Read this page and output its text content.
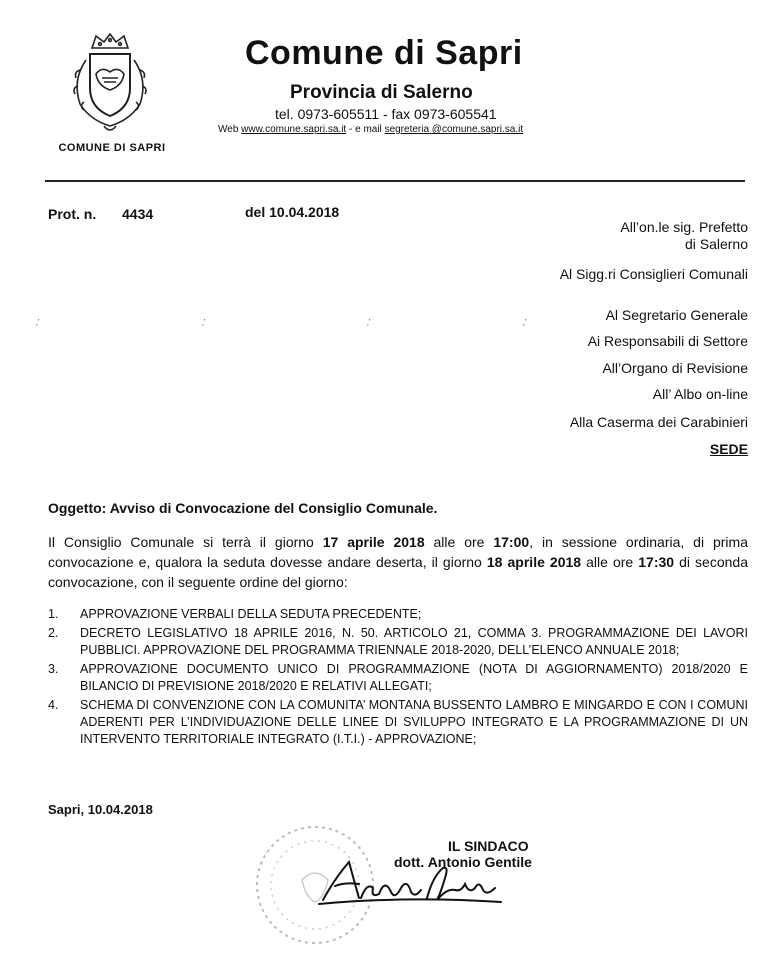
COMUNE DI SAPRI
Comune di Sapri
Provincia di Salerno
tel. 0973-605511 - fax 0973-605541
Web www.comune.sapri.sa.it - e mail segreteria @comune.sapri.sa.it
Prot. n. 4434	del 10.04.2018
All’on.le sig. Prefetto
di Salerno
Al Sigg.ri Consiglieri Comunali
Al Segretario Generale
Ai Responsabili di Settore
All’Organo di Revisione
All’ Albo on-line
Alla Caserma dei Carabinieri
SEDE
‚’	‚’	‚’	‚’
Oggetto: Avviso di Convocazione del Consiglio Comunale.
Il Consiglio Comunale si terrà il giorno 17 aprile 2018 alle ore 17:00, in sessione ordinaria, di prima convocazione e, qualora la seduta dovesse andare deserta, il giorno 18 aprile 2018 alle ore 17:30 di seconda convocazione, con il seguente ordine del giorno:
1. APPROVAZIONE VERBALI DELLA SEDUTA PRECEDENTE;
2. DECRETO LEGISLATIVO 18 APRILE 2016, N. 50. ARTICOLO 21, COMMA 3. PROGRAMMAZIONE DEI LAVORI PUBBLICI. APPROVAZIONE DEL PROGRAMMA TRIENNALE 2018-2020, DELL’ELENCO ANNUALE 2018;
3. APPROVAZIONE DOCUMENTO UNICO DI PROGRAMMAZIONE (NOTA DI AGGIORNAMENTO) 2018/2020 E BILANCIO DI PREVISIONE 2018/2020 E RELATIVI ALLEGATI;
4. SCHEMA DI CONVENZIONE CON LA COMUNITA’ MONTANA BUSSENTO LAMBRO E MINGARDO E CON I COMUNI ADERENTI PER L’INDIVIDUAZIONE DELLE LINEE DI SVILUPPO INTEGRATO E LA PROGRAMMAZIONE DI UN INTERVENTO TERRITORIALE INTEGRATO (I.T.I.) - APPROVAZIONE;
Sapri, 10.04.2018
IL SINDACO
dott. Antonio Gentile
